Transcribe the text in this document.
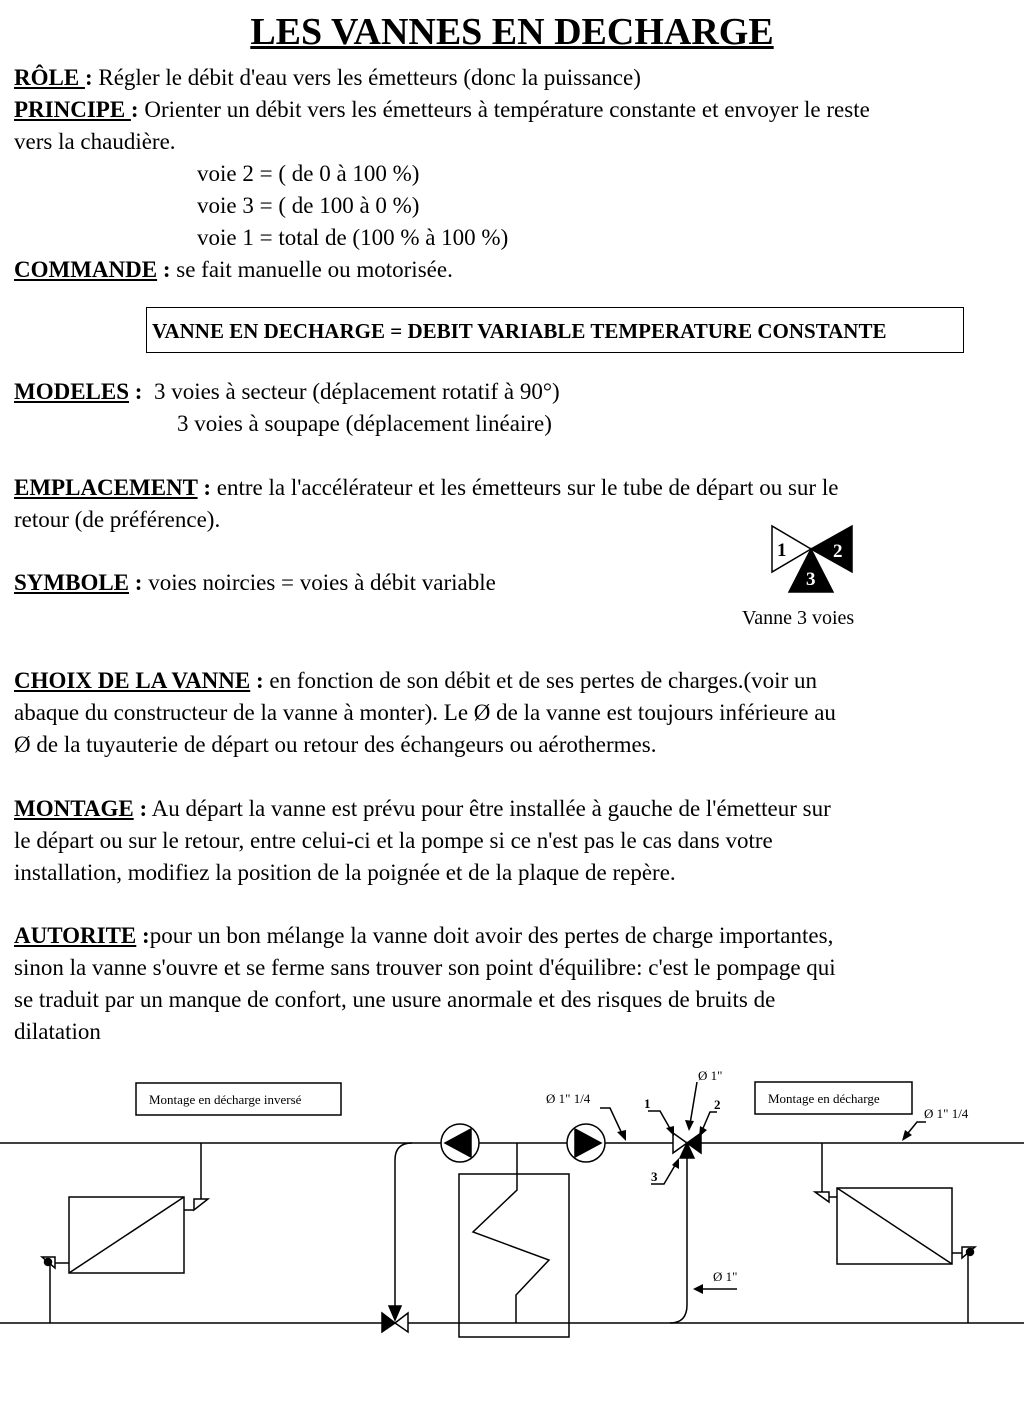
LES VANNES EN DECHARGE
RÔLE : Régler le débit d'eau vers les émetteurs (donc la puissance)
PRINCIPE : Orienter un débit vers les émetteurs à température constante et envoyer le reste
vers la chaudière.
voie 2 = ( de 0 à 100 %)
voie 3 = ( de 100 à 0 %)
voie 1 = total de (100 % à 100 %)
COMMANDE : se fait manuelle ou motorisée.
VANNE EN DECHARGE = DEBIT VARIABLE TEMPERATURE CONSTANTE
MODELES :  3 voies à secteur (déplacement rotatif à 90°)
3 voies à soupape (déplacement linéaire)
EMPLACEMENT : entre la l'accélérateur et les émetteurs sur le tube de départ ou sur le
retour (de préférence).
SYMBOLE : voies noircies = voies à débit variable
Vanne 3 voies
CHOIX DE LA VANNE : en fonction de son débit et de ses pertes de charges.(voir un
abaque du constructeur de la vanne à monter). Le Ø de la vanne est toujours inférieure au
Ø de la tuyauterie de départ ou retour des échangeurs ou aérothermes.
MONTAGE : Au départ la vanne est prévu pour être installée à gauche de l'émetteur sur
le départ ou sur le retour, entre celui-ci et la pompe si ce n'est pas le cas dans votre
installation, modifiez la position de la poignée et de la plaque de repère.
AUTORITE :pour un bon mélange la vanne doit avoir des pertes de charge importantes,
sinon la vanne s'ouvre et se ferme sans trouver son point d'équilibre: c'est le pompage qui
se traduit par un manque de confort, une usure anormale et des risques de bruits de
dilatation
1 2
3
Montage en décharge inversé	Montage en décharge
Ø 1" 1/4
Ø 1"
Ø 1" 1/4
Ø 1"
1	2
3
